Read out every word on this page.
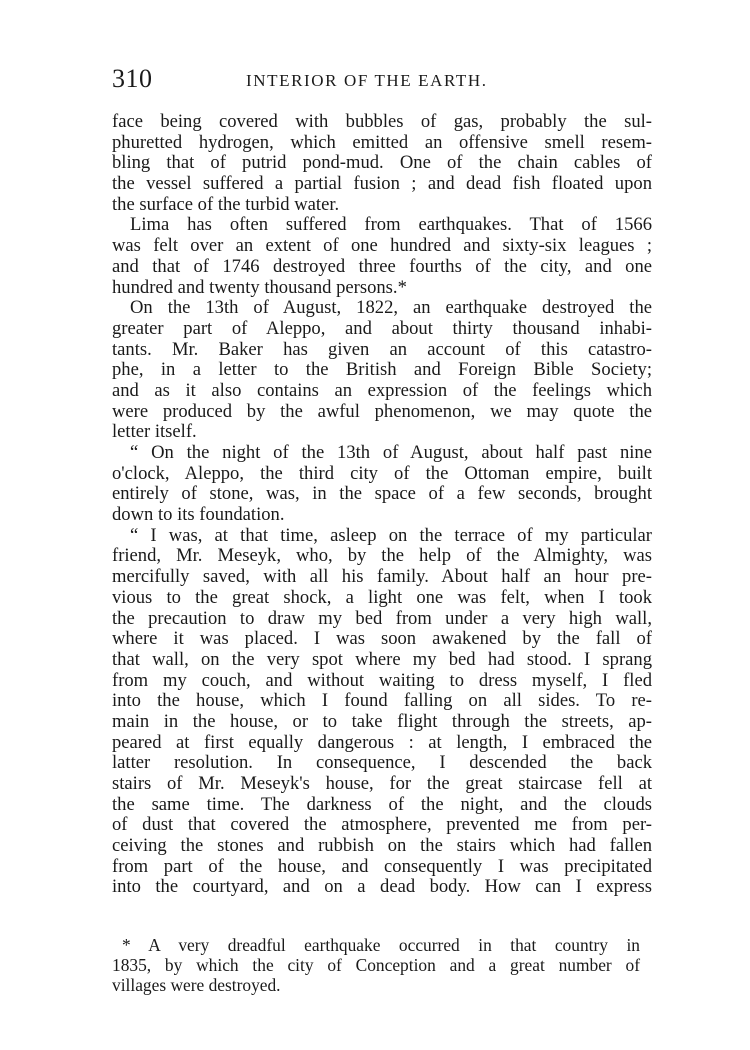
310	INTERIOR OF THE EARTH.
face being covered with bubbles of gas, probably the sul-
phuretted hydrogen, which emitted an offensive smell resem-
bling that of putrid pond-mud. One of the chain cables of
the vessel suffered a partial fusion ; and dead fish floated upon
the surface of the turbid water.
Lima has often suffered from earthquakes. That of 1566
was felt over an extent of one hundred and sixty-six leagues ;
and that of 1746 destroyed three fourths of the city, and one
hundred and twenty thousand persons.*
On the 13th of August, 1822, an earthquake destroyed the
greater part of Aleppo, and about thirty thousand inhabi-
tants. Mr. Baker has given an account of this catastro-
phe, in a letter to the British and Foreign Bible Society;
and as it also contains an expression of the feelings which
were produced by the awful phenomenon, we may quote the
letter itself.
“ On the night of the 13th of August, about half past nine
o'clock, Aleppo, the third city of the Ottoman empire, built
entirely of stone, was, in the space of a few seconds, brought
down to its foundation.
“ I was, at that time, asleep on the terrace of my particular
friend, Mr. Meseyk, who, by the help of the Almighty, was
mercifully saved, with all his family. About half an hour pre-
vious to the great shock, a light one was felt, when I took
the precaution to draw my bed from under a very high wall,
where it was placed. I was soon awakened by the fall of
that wall, on the very spot where my bed had stood. I sprang
from my couch, and without waiting to dress myself, I fled
into the house, which I found falling on all sides. To re-
main in the house, or to take flight through the streets, ap-
peared at first equally dangerous : at length, I embraced the
latter resolution. In consequence, I descended the back
stairs of Mr. Meseyk's house, for the great staircase fell at
the same time. The darkness of the night, and the clouds
of dust that covered the atmosphere, prevented me from per-
ceiving the stones and rubbish on the stairs which had fallen
from part of the house, and consequently I was precipitated
into the courtyard, and on a dead body. How can I express
* A very dreadful earthquake occurred in that country in
1835, by which the city of Conception and a great number of
villages were destroyed.
